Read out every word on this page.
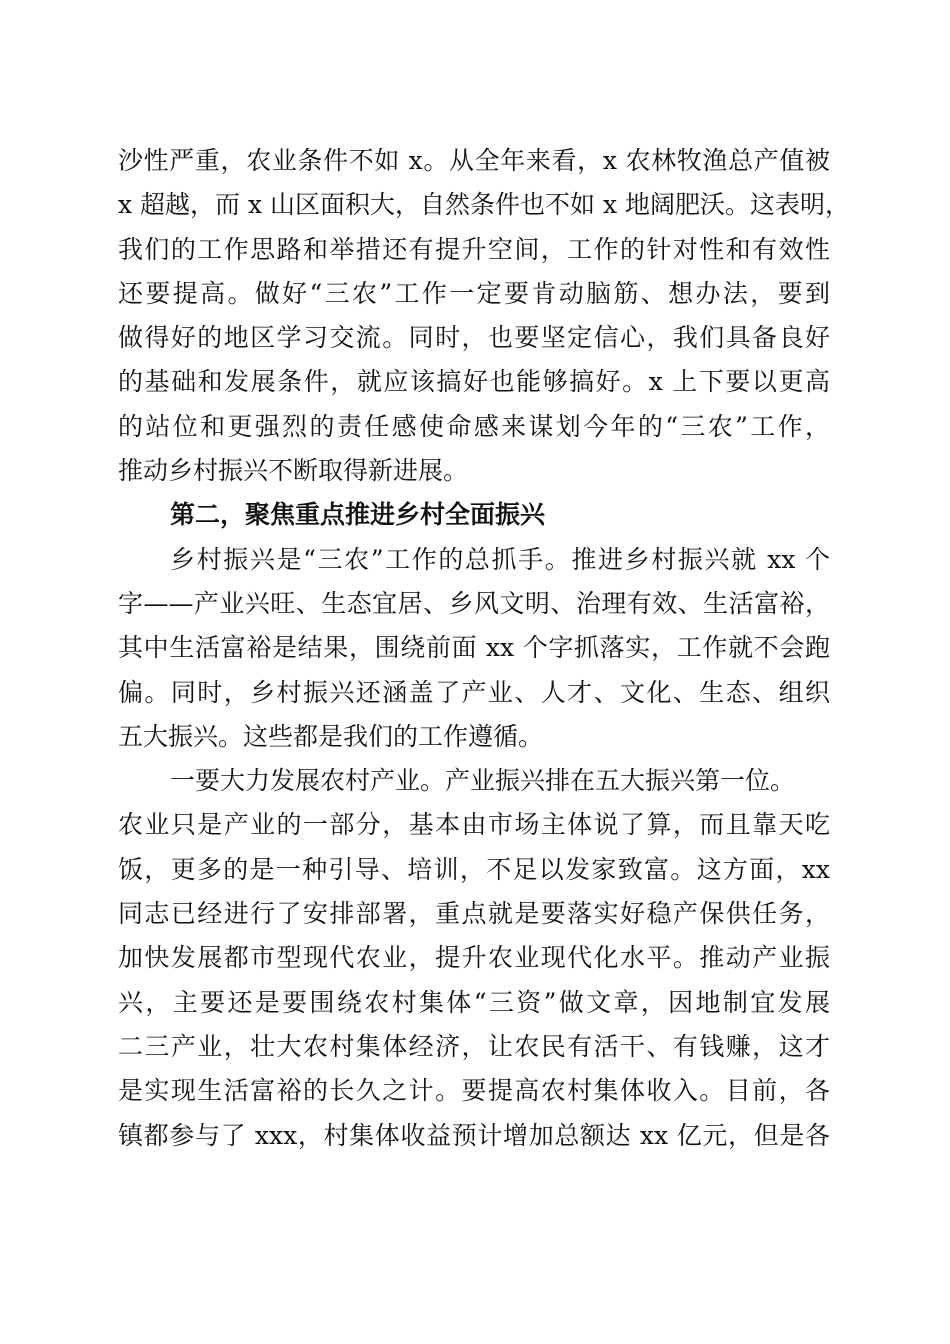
沙性严重，农业条件不如 x。从全年来看，x 农林牧渔总产值被
x 超越，而 x 山区面积大，自然条件也不如 x 地阔肥沃。这表明，
我们的工作思路和举措还有提升空间，工作的针对性和有效性
还要提高。做好“三农”工作一定要肯动脑筋、想办法，要到
做得好的地区学习交流。同时，也要坚定信心，我们具备良好
的基础和发展条件，就应该搞好也能够搞好。x 上下要以更高
的站位和更强烈的责任感使命感来谋划今年的“三农”工作，
推动乡村振兴不断取得新进展。
第二，聚焦重点推进乡村全面振兴
乡村振兴是“三农”工作的总抓手。推进乡村振兴就 xx 个
字——产业兴旺、生态宜居、乡风文明、治理有效、生活富裕，
其中生活富裕是结果，围绕前面 xx 个字抓落实，工作就不会跑
偏。同时，乡村振兴还涵盖了产业、人才、文化、生态、组织
五大振兴。这些都是我们的工作遵循。
一要大力发展农村产业。产业振兴排在五大振兴第一位。
农业只是产业的一部分，基本由市场主体说了算，而且靠天吃
饭，更多的是一种引导、培训，不足以发家致富。这方面，xx
同志已经进行了安排部署，重点就是要落实好稳产保供任务，
加快发展都市型现代农业，提升农业现代化水平。推动产业振
兴，主要还是要围绕农村集体“三资”做文章，因地制宜发展
二三产业，壮大农村集体经济，让农民有活干、有钱赚，这才
是实现生活富裕的长久之计。要提高农村集体收入。目前，各
镇都参与了 xxx，村集体收益预计增加总额达 xx 亿元，但是各
